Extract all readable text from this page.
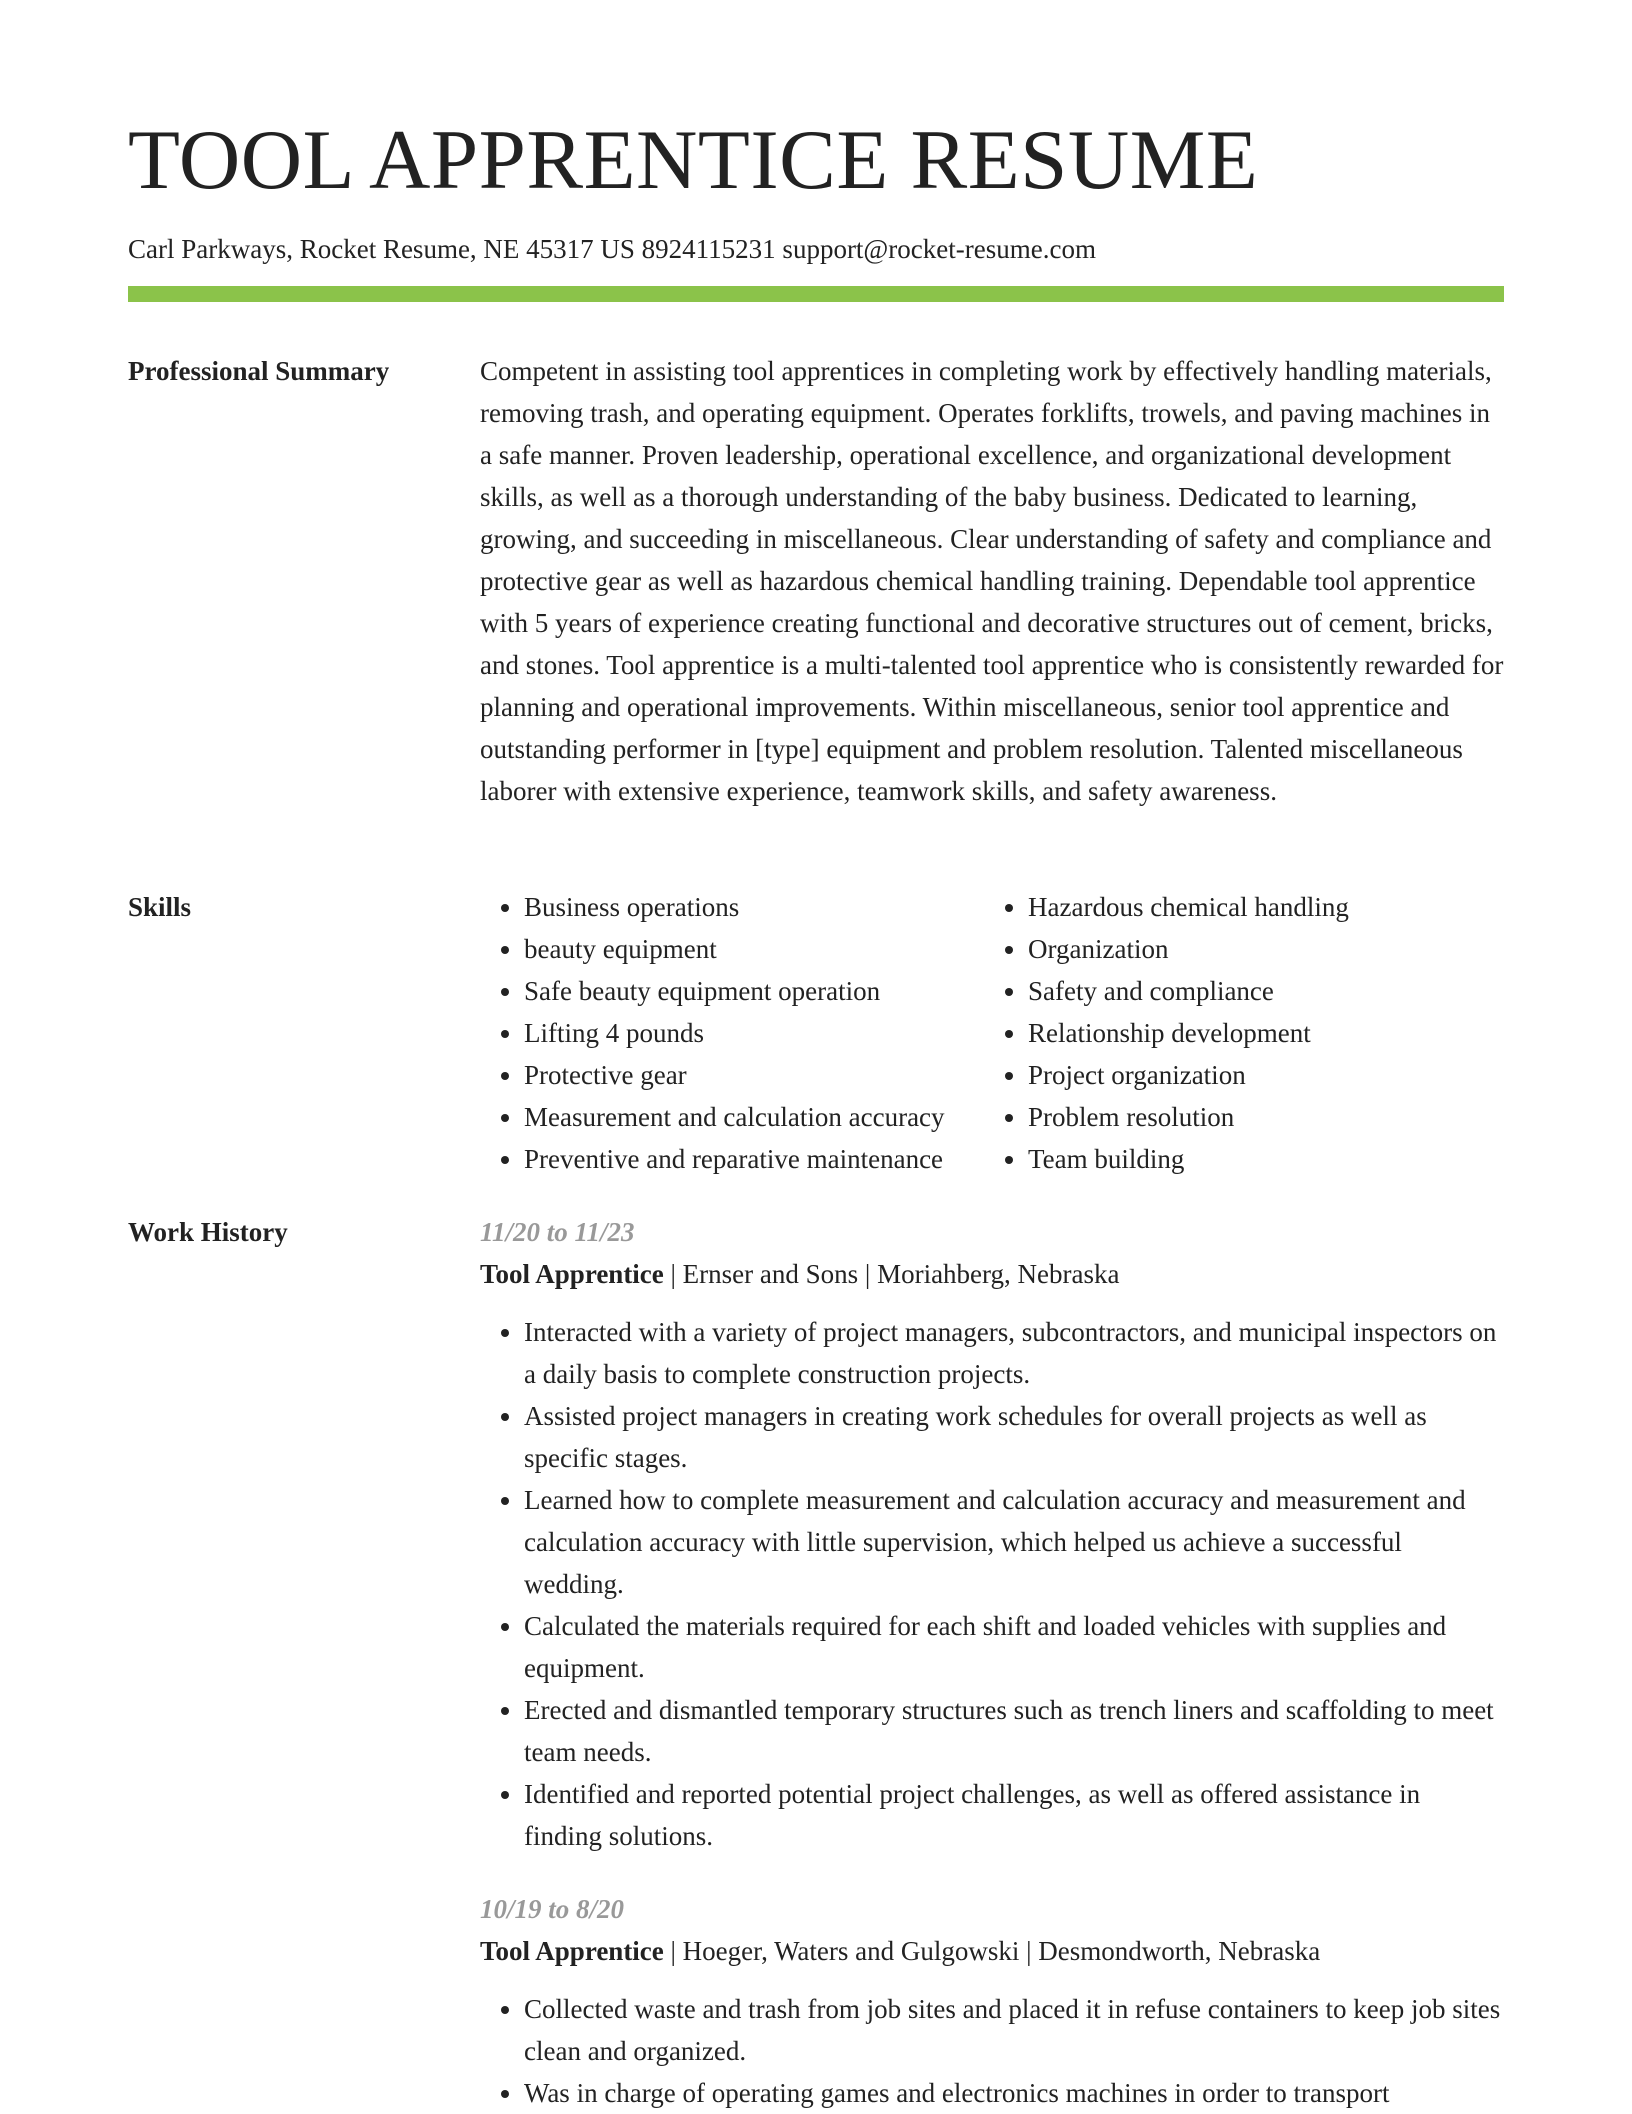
TOOL APPRENTICE RESUME
Carl Parkways, Rocket Resume, NE 45317 US 8924115231 support@rocket-resume.com
Professional Summary	Competent in assisting tool apprentices in completing work by effectively handling materials, removing trash, and operating equipment. Operates forklifts, trowels, and paving machines in a safe manner. Proven leadership, operational excellence, and organizational development skills, as well as a thorough understanding of the baby business. Dedicated to learning, growing, and succeeding in miscellaneous. Clear understanding of safety and compliance and protective gear as well as hazardous chemical handling training. Dependable tool apprentice with 5 years of experience creating functional and decorative structures out of cement, bricks, and stones. Tool apprentice is a multi-talented tool apprentice who is consistently rewarded for planning and operational improvements. Within miscellaneous, senior tool apprentice and outstanding performer in [type] equipment and problem resolution. Talented miscellaneous laborer with extensive experience, teamwork skills, and safety awareness.

Skills
•	Business operations
• beauty equipment
• Safe beauty equipment operation
• Lifting 4 pounds
• Protective gear
• Measurement and calculation accuracy
• Preventive and reparative maintenance
• Hazardous chemical handling
• Organization
• Safety and compliance
• Relationship development
• Project organization
• Problem resolution
• Team building
Work History	11/20 to 11/23
Tool Apprentice | Ernser and Sons | Moriahberg, Nebraska
• Interacted with a variety of project managers, subcontractors, and municipal inspectors on a daily basis to complete construction projects.
• Assisted project managers in creating work schedules for overall projects as well as specific stages.
• Learned how to complete measurement and calculation accuracy and measurement and calculation accuracy with little supervision, which helped us achieve a successful wedding.
• Calculated the materials required for each shift and loaded vehicles with supplies and equipment.
• Erected and dismantled temporary structures such as trench liners and scaffolding to meet team needs.
• Identified and reported potential project challenges, as well as offered assistance in finding solutions.
10/19 to 8/20
Tool Apprentice | Hoeger, Waters and Gulgowski | Desmondworth, Nebraska
• Collected waste and trash from job sites and placed it in refuse containers to keep job sites clean and organized.
• Was in charge of operating games and electronics machines in order to transport
